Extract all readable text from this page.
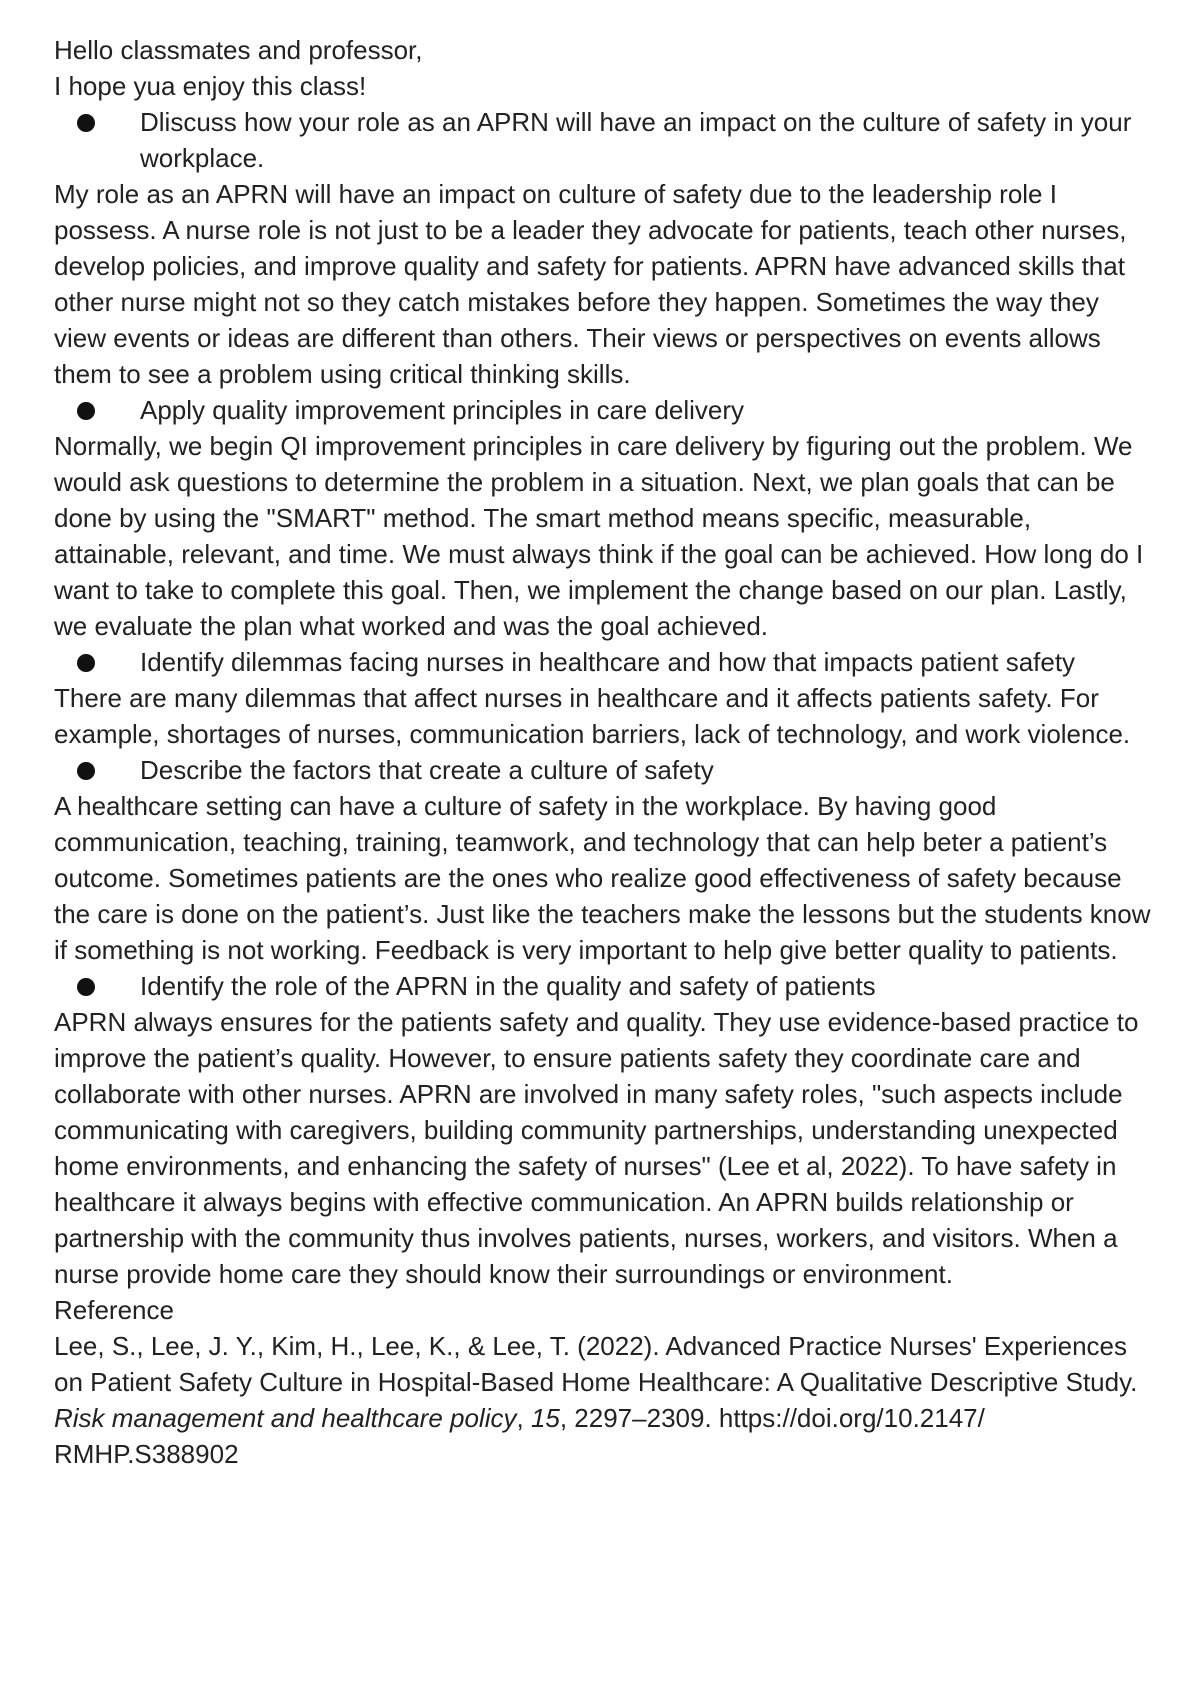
Hello classmates and professor,

I hope yua enjoy this class!

Dliscuss how your role as an APRN will have an impact on the culture of safety in your workplace.

My role as an APRN will have an impact on culture of safety due to the leadership role I possess. A nurse role is not just to be a leader they advocate for patients, teach other nurses, develop policies, and improve quality and safety for patients. APRN have advanced skills that other nurse might not so they catch mistakes before they happen. Sometimes the way they view events or ideas are different than others. Their views or perspectives on events allows them to see a problem using critical thinking skills.

Apply quality improvement principles in care delivery

Normally, we begin QI improvement principles in care delivery by figuring out the problem. We would ask questions to determine the problem in a situation. Next, we plan goals that can be done by using the "SMART" method. The smart method means specific, measurable, attainable, relevant, and time. We must always think if the goal can be achieved. How long do I want to take to complete this goal. Then, we implement the change based on our plan. Lastly, we evaluate the plan what worked and was the goal achieved.

Identify dilemmas facing nurses in healthcare and how that impacts patient safety

There are many dilemmas that affect nurses in healthcare and it affects patients safety. For example, shortages of nurses, communication barriers, lack of technology, and work violence.

Describe the factors that create a culture of safety

A healthcare setting can have a culture of safety in the workplace. By having good communication, teaching, training, teamwork, and technology that can help beter a patient’s outcome. Sometimes patients are the ones who realize good effectiveness of safety because the care is done on the patient’s. Just like the teachers make the lessons but the students know if something is not working. Feedback is very important to help give better quality to patients.

Identify the role of the APRN in the quality and safety of patients

APRN always ensures for the patients safety and quality. They use evidence-based practice to improve the patient’s quality. However, to ensure patients safety they coordinate care and collaborate with other nurses. APRN are involved in many safety roles, "such aspects include communicating with caregivers, building community partnerships, understanding unexpected home environments, and enhancing the safety of nurses" (Lee et al, 2022). To have safety in healthcare it always begins with effective communication. An APRN builds relationship or partnership with the community thus involves patients, nurses, workers, and visitors. When a nurse provide home care they should know their surroundings or environment.

Reference

Lee, S., Lee, J. Y., Kim, H., Lee, K., & Lee, T. (2022). Advanced Practice Nurses' Experiences on Patient Safety Culture in Hospital-Based Home Healthcare: A Qualitative Descriptive Study. Risk management and healthcare policy, 15, 2297–2309. https://doi.org/10.2147/ RMHP.S388902
